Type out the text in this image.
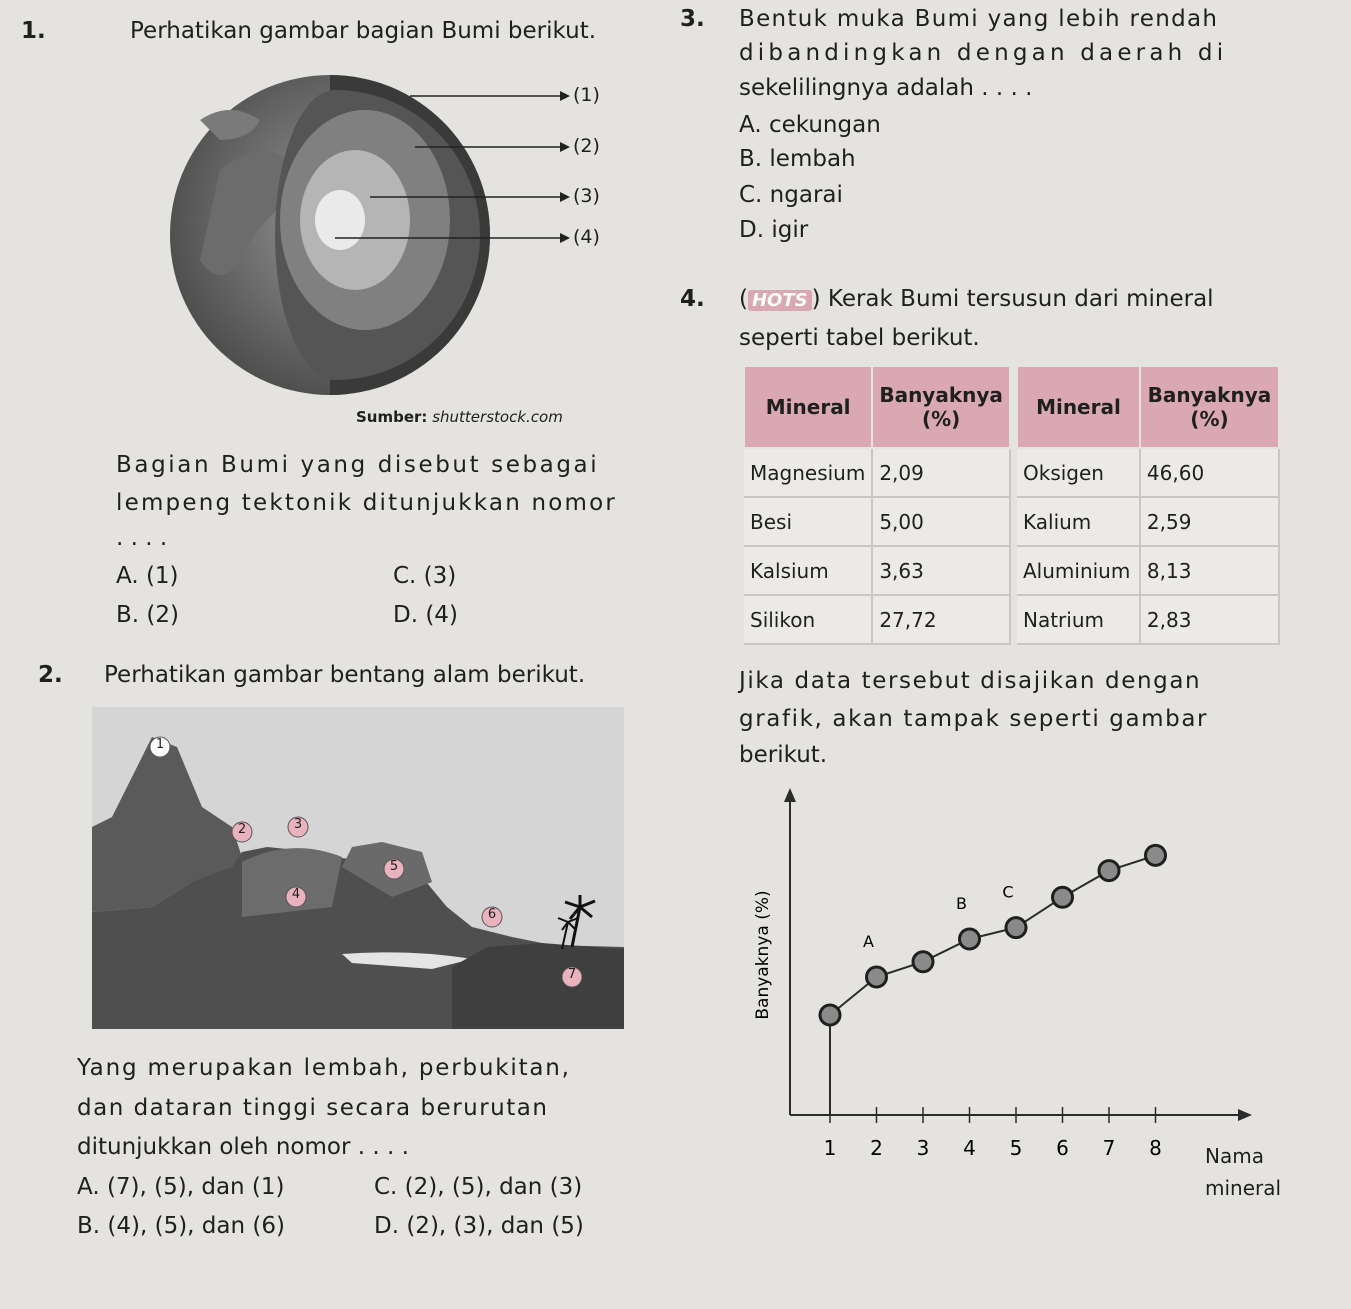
1.	Perhatikan gambar bagian Bumi berikut.
(1)
(2)
(3)
(4)
Sumber: shutterstock.com
Bagian Bumi yang disebut sebagai
lempeng tektonik ditunjukkan nomor
. . . .
A. (1)
B. (2)
C. (3)
D. (4)
2. Perhatikan gambar bentang alam berikut.
1
2	3
4
5
6
7
Yang merupakan lembah, perbukitan,
dan dataran tinggi secara berurutan
ditunjukkan oleh nomor . . . .
A. (7), (5), dan (1)
B. (4), (5), dan (6)
C. (2), (5), dan (3)
D. (2), (3), dan (5)
3. Bentuk muka Bumi yang lebih rendah
dibandingkan dengan daerah di
sekelilingnya adalah . . . .
A. cekungan
B. lembah
C. ngarai
D. igir
4. ( HOTS ) Kerak Bumi tersusun dari mineral
seperti tabel berikut.
Mineral	Banyaknya (%)
Magnesium	2,09
Besi	5,00
Kalsium	3,63
Silikon	27,72
Mineral	Banyaknya (%)
Oksigen	46,60
Kalium	2,59
Aluminium	8,13
Natrium	2,83
Jika data tersebut disajikan dengan
grafik, akan tampak seperti gambar
berikut.
1 2 3 4 5 6 7 8
A
B
C
Banyaknya (%)
Nama mineral
